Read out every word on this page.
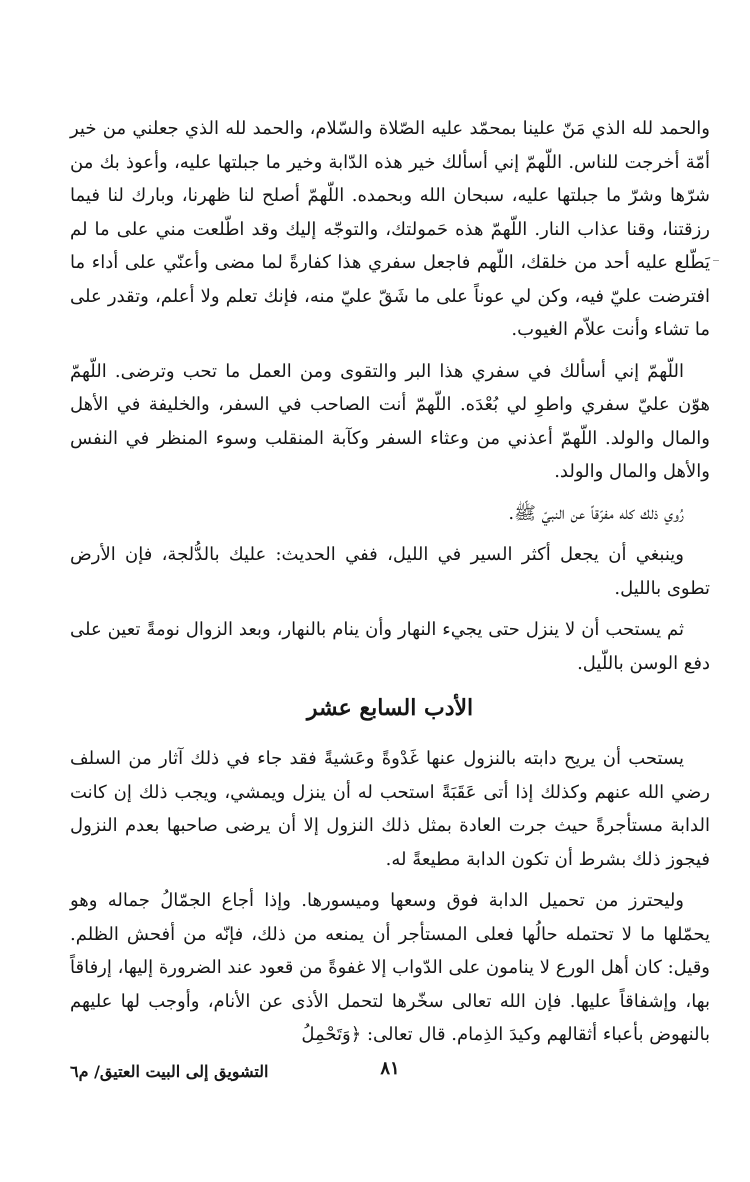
والحمد لله الذي مَنّ علينا بمحمّد عليه الصّلاة والسّلام، والحمد لله الذي جعلني من خير أمّة أخرجت للناس. اللّهمّ إني أسألك خير هذه الدّابة وخير ما جبلتها عليه، وأعوذ بك من شرّها وشرّ ما جبلتها عليه، سبحان الله وبحمده. اللّهمّ أصلح لنا ظهرنا، وبارك لنا فيما رزقتنا، وقنا عذاب النار. اللّهمّ هذه حَمولتك، والتوجّه إليك وقد اطّلعت مني على ما لم يَطّلع عليه أحد من خلقك، اللّهم فاجعل سفري هذا كفارةً لما مضى وأعنّي على أداء ما افترضت عليّ فيه، وكن لي عوناً على ما شَقّ عليّ منه، فإنك تعلم ولا أعلم، وتقدر على ما تشاء وأنت علاّم الغيوب.

اللّهمّ إني أسألك في سفري هذا البر والتقوى ومن العمل ما تحب وترضى. اللّهمّ هوّن عليّ سفري واطوِ لي بُعْدَه. اللّهمّ أنت الصاحب في السفر، والخليفة في الأهل والمال والولد. اللّهمّ أعذني من وعثاء السفر وكآبة المنقلب وسوء المنظر في النفس والأهل والمال والولد.

رُوي ذلك كله مفرّقاً عن النبيّ ﷺ.

وينبغي أن يجعل أكثر السير في الليل، ففي الحديث: عليك بالدُّلجة، فإن الأرض تطوى بالليل.

ثم يستحب أن لا ينزل حتى يجيء النهار وأن ينام بالنهار، وبعد الزوال نومةً تعين على دفع الوسن باللّيل.

الأدب السابع عشر

يستحب أن يريح دابته بالنزول عنها غَدْوةً وعَشيةً فقد جاء في ذلك آثار من السلف رضي الله عنهم وكذلك إذا أتى عَقَبَةً استحب له أن ينزل ويمشي، ويجب ذلك إن كانت الدابة مستأجرةً حيث جرت العادة بمثل ذلك النزول إلا أن يرضى صاحبها بعدم النزول فيجوز ذلك بشرط أن تكون الدابة مطيعةً له.

وليحترز من تحميل الدابة فوق وسعها وميسورها. وإذا أجاع الجمّالُ جماله وهو يحمّلها ما لا تحتمله حالُها فعلى المستأجر أن يمنعه من ذلك، فإنّه من أفحش الظلم. وقيل: كان أهل الورع لا ينامون على الدّواب إلا غفوةً من قعود عند الضرورة إليها، إرفاقاً بها، وإشفاقاً عليها. فإن الله تعالى سخّرها لتحمل الأذى عن الأنام، وأوجب لها عليهم بالنهوض بأعباء أثقالهم وكيدَ الذِمام. قال تعالى: ﴿وَتَحْمِلُ

٨١
التشويق إلى البيت العتيق/ م٦
